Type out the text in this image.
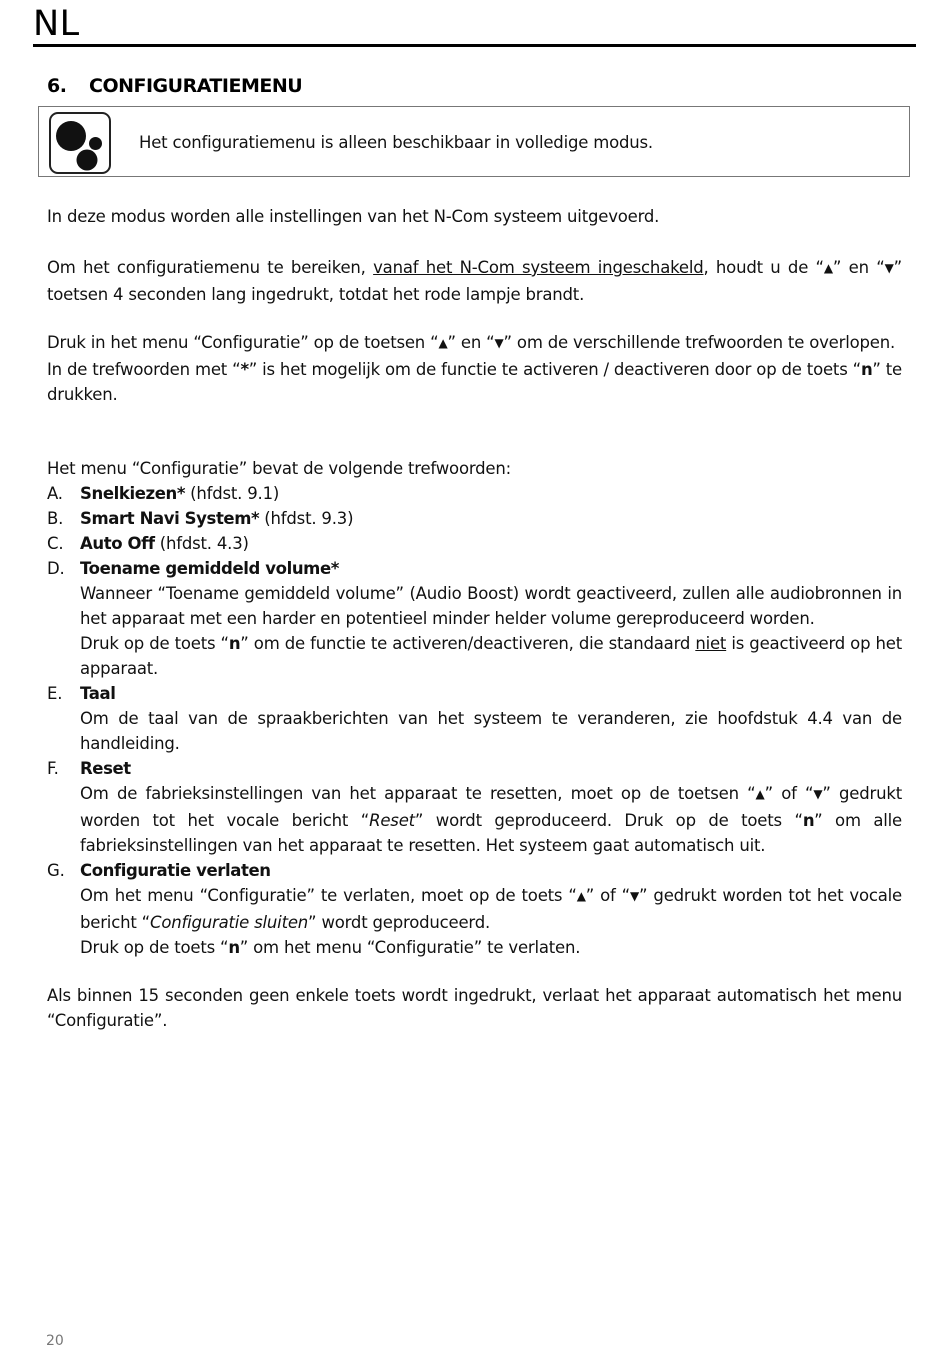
NL
6. CONFIGURATIEMENU
Het configuratiemenu is alleen beschikbaar in volledige modus.

In deze modus worden alle instellingen van het N-Com systeem uitgevoerd.

Om het configuratiemenu te bereiken, vanaf het N-Com systeem ingeschakeld, houdt u de “▲” en “▼” toetsen 4 seconden lang ingedrukt, totdat het rode lampje brandt.

Druk in het menu “Configuratie” op de toetsen “▲” en “▼” om de verschillende trefwoorden te overlopen.
In de trefwoorden met “*” is het mogelijk om de functie te activeren / deactiveren door op de toets “n” te drukken.

Het menu “Configuratie” bevat de volgende trefwoorden:

A. Snelkiezen* (hfdst. 9.1)

B. Smart Navi System* (hfdst. 9.3)

C. Auto Off (hfdst. 4.3)

D. Toename gemiddeld volume*

Wanneer “Toename gemiddeld volume” (Audio Boost) wordt geactiveerd, zullen alle audiobronnen in het apparaat met een harder en potentieel minder helder volume gereproduceerd worden.

Druk op de toets “n” om de functie te activeren/deactiveren, die standaard niet is geactiveerd op het apparaat.

E. Taal

Om de taal van de spraakberichten van het systeem te veranderen, zie hoofdstuk 4.4 van de handleiding.

F. Reset

Om de fabrieksinstellingen van het apparaat te resetten, moet op de toetsen “▲” of “▼” gedrukt worden tot het vocale bericht “Reset” wordt geproduceerd. Druk op de toets “n” om alle fabrieksinstellingen van het apparaat te resetten. Het systeem gaat automatisch uit.

G. Configuratie verlaten

Om het menu “Configuratie” te verlaten, moet op de toets “▲” of “▼” gedrukt worden tot het vocale bericht “Configuratie sluiten” wordt geproduceerd.

Druk op de toets “n” om het menu “Configuratie” te verlaten.

Als binnen 15 seconden geen enkele toets wordt ingedrukt, verlaat het apparaat automatisch het menu “Configuratie”.

20
